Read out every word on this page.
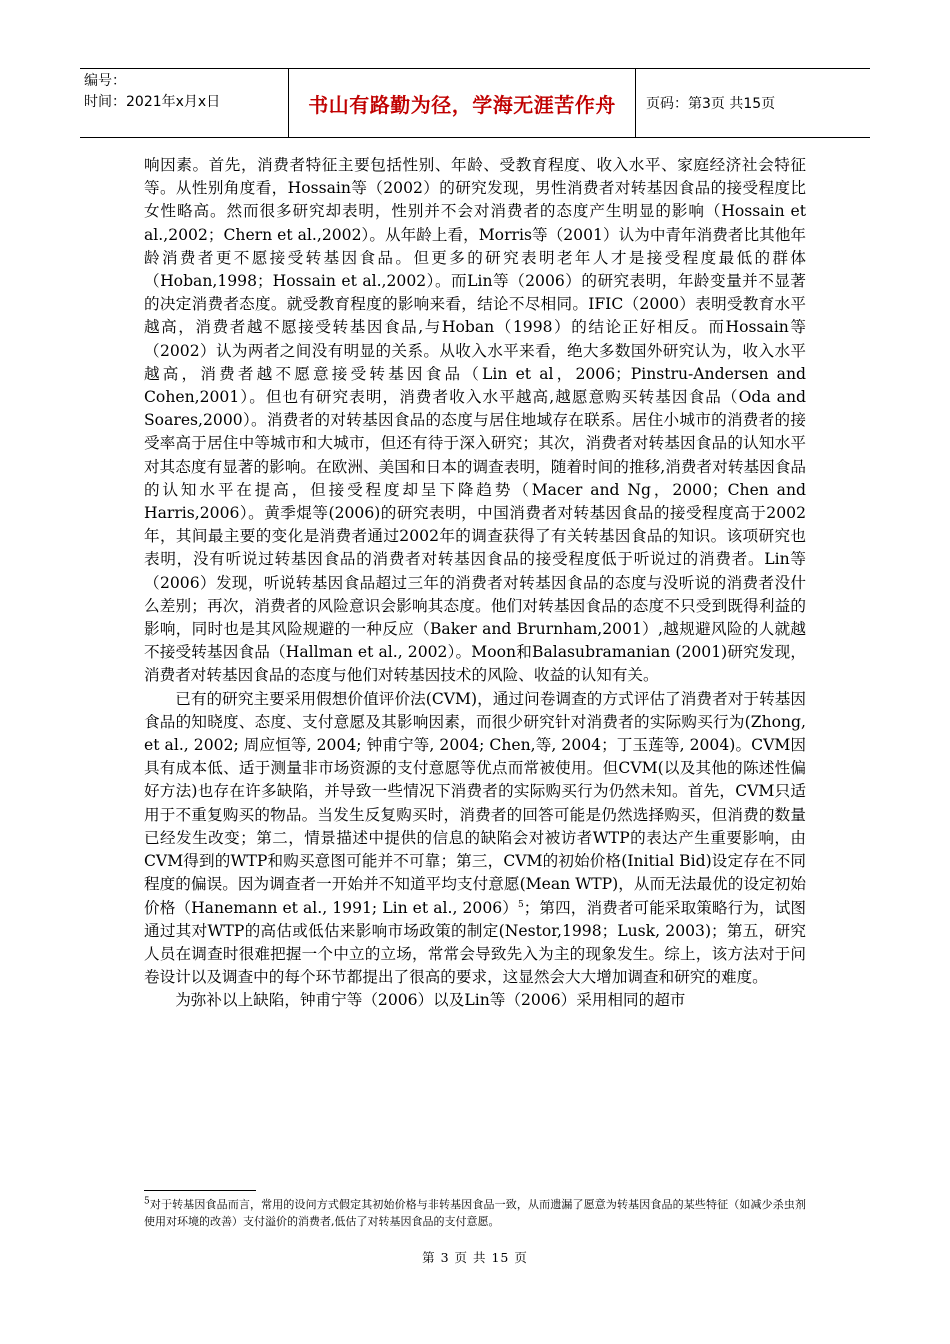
编号：
时间：2021年x月x日	书山有路勤为径，学海无涯苦作舟	页码：第3页 共15页

响因素。首先，消费者特征主要包括性别、年龄、受教育程度、收入水平、家庭经济社会特征等。从性别角度看，Hossain等（2002）的研究发现，男性消费者对转基因食品的接受程度比女性略高。然而很多研究却表明，性别并不会对消费者的态度产生明显的影响（Hossain et al.,2002；Chern et al.,2002）。从年龄上看，Morris等（2001）认为中青年消费者比其他年龄消费者更不愿接受转基因食品。但更多的研究表明老年人才是接受程度最低的群体（Hoban,1998；Hossain et al.,2002）。而Lin等（2006）的研究表明，年龄变量并不显著的决定消费者态度。就受教育程度的影响来看，结论不尽相同。IFIC（2000）表明受教育水平越高，消费者越不愿接受转基因食品,与Hoban（1998）的结论正好相反。而Hossain等（2002）认为两者之间没有明显的关系。从收入水平来看，绝大多数国外研究认为，收入水平越高，消费者越不愿意接受转基因食品（Lin et al，2006；Pinstru-Andersen and Cohen,2001）。但也有研究表明，消费者收入水平越高,越愿意购买转基因食品（Oda and Soares,2000）。消费者的对转基因食品的态度与居住地域存在联系。居住小城市的消费者的接受率高于居住中等城市和大城市，但还有待于深入研究；其次，消费者对转基因食品的认知水平对其态度有显著的影响。在欧洲、美国和日本的调查表明，随着时间的推移,消费者对转基因食品的认知水平在提高，但接受程度却呈下降趋势（Macer and Ng，2000；Chen and Harris,2006）。黄季焜等(2006)的研究表明，中国消费者对转基因食品的接受程度高于2002年，其间最主要的变化是消费者通过2002年的调查获得了有关转基因食品的知识。该项研究也表明，没有听说过转基因食品的消费者对转基因食品的接受程度低于听说过的消费者。Lin等（2006）发现，听说转基因食品超过三年的消费者对转基因食品的态度与没听说的消费者没什么差别；再次，消费者的风险意识会影响其态度。他们对转基因食品的态度不只受到既得利益的影响，同时也是其风险规避的一种反应（Baker and Brurnham,2001）,越规避风险的人就越不接受转基因食品（Hallman et al., 2002）。Moon和Balasubramanian (2001)研究发现，消费者对转基因食品的态度与他们对转基因技术的风险、收益的认知有关。

已有的研究主要采用假想价值评价法(CVM)，通过问卷调查的方式评估了消费者对于转基因食品的知晓度、态度、支付意愿及其影响因素，而很少研究针对消费者的实际购买行为(Zhong, et al., 2002; 周应恒等, 2004; 钟甫宁等, 2004; Chen,等, 2004；丁玉莲等, 2004)。CVM因具有成本低、适于测量非市场资源的支付意愿等优点而常被使用。但CVM(以及其他的陈述性偏好方法)也存在许多缺陷，并导致一些情况下消费者的实际购买行为仍然未知。首先，CVM只适用于不重复购买的物品。当发生反复购买时，消费者的回答可能是仍然选择购买，但消费的数量已经发生改变；第二，情景描述中提供的信息的缺陷会对被访者WTP的表达产生重要影响，由CVM得到的WTP和购买意图可能并不可靠；第三，CVM的初始价格(Initial Bid)设定存在不同程度的偏误。因为调查者一开始并不知道平均支付意愿(Mean WTP)，从而无法最优的设定初始价格（Hanemann et al., 1991; Lin et al., 2006）$^5$；第四，消费者可能采取策略行为，试图通过其对WTP的高估或低估来影响市场政策的制定(Nestor,1998；Lusk, 2003)；第五，研究人员在调查时很难把握一个中立的立场，常常会导致先入为主的现象发生。综上，该方法对于问卷设计以及调查中的每个环节都提出了很高的要求，这显然会大大增加调查和研究的难度。

为弥补以上缺陷，钟甫宁等（2006）以及Lin等（2006）采用相同的超市

$^5$对于转基因食品而言，常用的设问方式假定其初始价格与非转基因食品一致，从而遗漏了愿意为转基因食品的某些特征（如减少杀虫剂使用对环境的改善）支付溢价的消费者,低估了对转基因食品的支付意愿。
第 3 页 共 15 页
